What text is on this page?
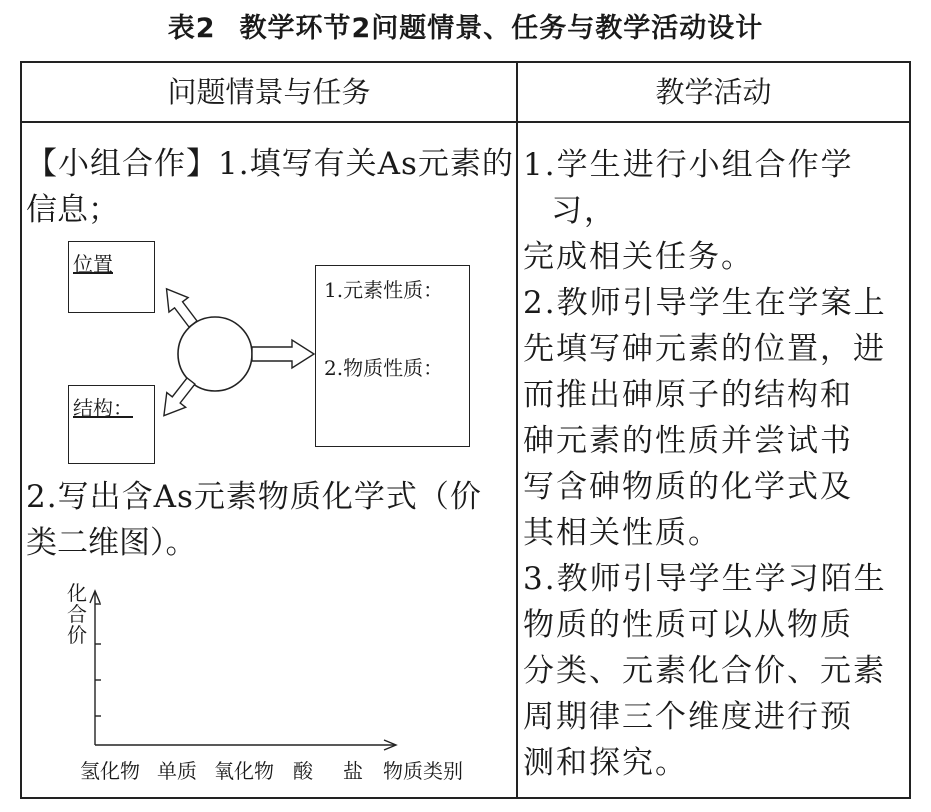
表2 教学环节2问题情景、任务与教学活动设计
问题情景与任务	教学活动
【小组合作】1.填写有关As元素的
信息；
位置
结构：
1.元素性质：
2.物质性质：
2.写出含As元素物质化学式（价
类二维图）。
化
合
价
氢化物 单质 氧化物 酸 盐 物质类别
1.学生进行小组合作学习，
完成相关任务。
2.教师引导学生在学案上
先填写砷元素的位置，进
而推出砷原子的结构和
砷元素的性质并尝试书
写含砷物质的化学式及
其相关性质。
3.教师引导学生学习陌生
物质的性质可以从物质
分类、元素化合价、元素
周期律三个维度进行预
测和探究。
